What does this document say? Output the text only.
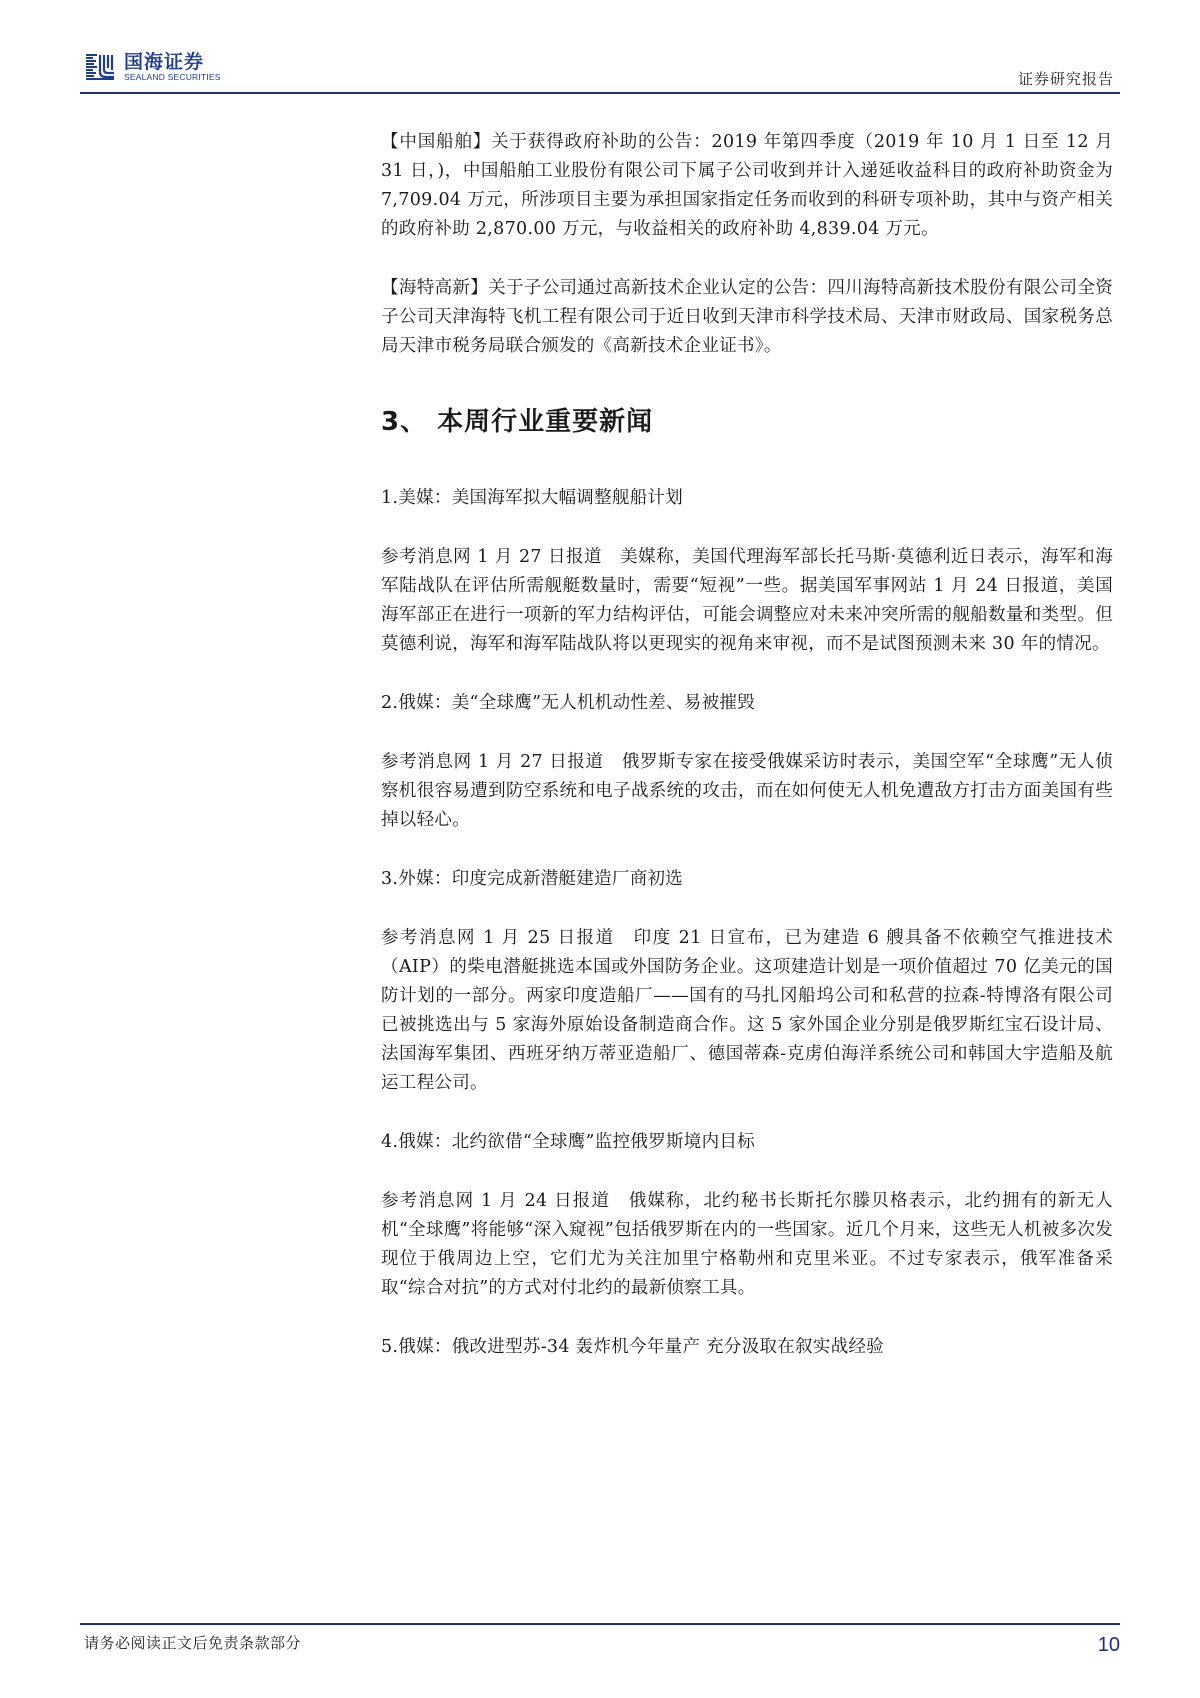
国海证券
SEALAND SECURITIES	证券研究报告

【中国船舶】关于获得政府补助的公告：2019 年第四季度（2019 年 10 月 1 日至 12 月 31 日，)，中国船舶工业股份有限公司下属子公司收到并计入递延收益科目的政府补助资金为 7,709.04 万元，所涉项目主要为承担国家指定任务而收到的科研专项补助，其中与资产相关的政府补助 2,870.00 万元，与收益相关的政府补助 4,839.04 万元。

【海特高新】关于子公司通过高新技术企业认定的公告：四川海特高新技术股份有限公司全资子公司天津海特飞机工程有限公司于近日收到天津市科学技术局、天津市财政局、国家税务总局天津市税务局联合颁发的《高新技术企业证书》。

3、 本周行业重要新闻

1.美媒：美国海军拟大幅调整舰船计划

参考消息网 1 月 27 日报道　美媒称，美国代理海军部长托马斯·莫德利近日表示，海军和海军陆战队在评估所需舰艇数量时，需要“短视”一些。据美国军事网站 1 月 24 日报道，美国海军部正在进行一项新的军力结构评估，可能会调整应对未来冲突所需的舰船数量和类型。但莫德利说，海军和海军陆战队将以更现实的视角来审视，而不是试图预测未来 30 年的情况。

2.俄媒：美“全球鹰”无人机机动性差、易被摧毁

参考消息网 1 月 27 日报道　俄罗斯专家在接受俄媒采访时表示，美国空军“全球鹰”无人侦察机很容易遭到防空系统和电子战系统的攻击，而在如何使无人机免遭敌方打击方面美国有些掉以轻心。

3.外媒：印度完成新潜艇建造厂商初选

参考消息网 1 月 25 日报道　印度 21 日宣布，已为建造 6 艘具备不依赖空气推进技术（AIP）的柴电潜艇挑选本国或外国防务企业。这项建造计划是一项价值超过 70 亿美元的国防计划的一部分。两家印度造船厂——国有的马扎冈船坞公司和私营的拉森-特博洛有限公司已被挑选出与 5 家海外原始设备制造商合作。这 5 家外国企业分别是俄罗斯红宝石设计局、法国海军集团、西班牙纳万蒂亚造船厂、德国蒂森-克虏伯海洋系统公司和韩国大宇造船及航运工程公司。

4.俄媒：北约欲借“全球鹰”监控俄罗斯境内目标

参考消息网 1 月 24 日报道　俄媒称，北约秘书长斯托尔滕贝格表示，北约拥有的新无人机“全球鹰”将能够“深入窥视”包括俄罗斯在内的一些国家。近几个月来，这些无人机被多次发现位于俄周边上空，它们尤为关注加里宁格勒州和克里米亚。不过专家表示，俄军准备采取“综合对抗”的方式对付北约的最新侦察工具。

5.俄媒：俄改进型苏-34 轰炸机今年量产 充分汲取在叙实战经验

请务必阅读正文后免责条款部分	10
